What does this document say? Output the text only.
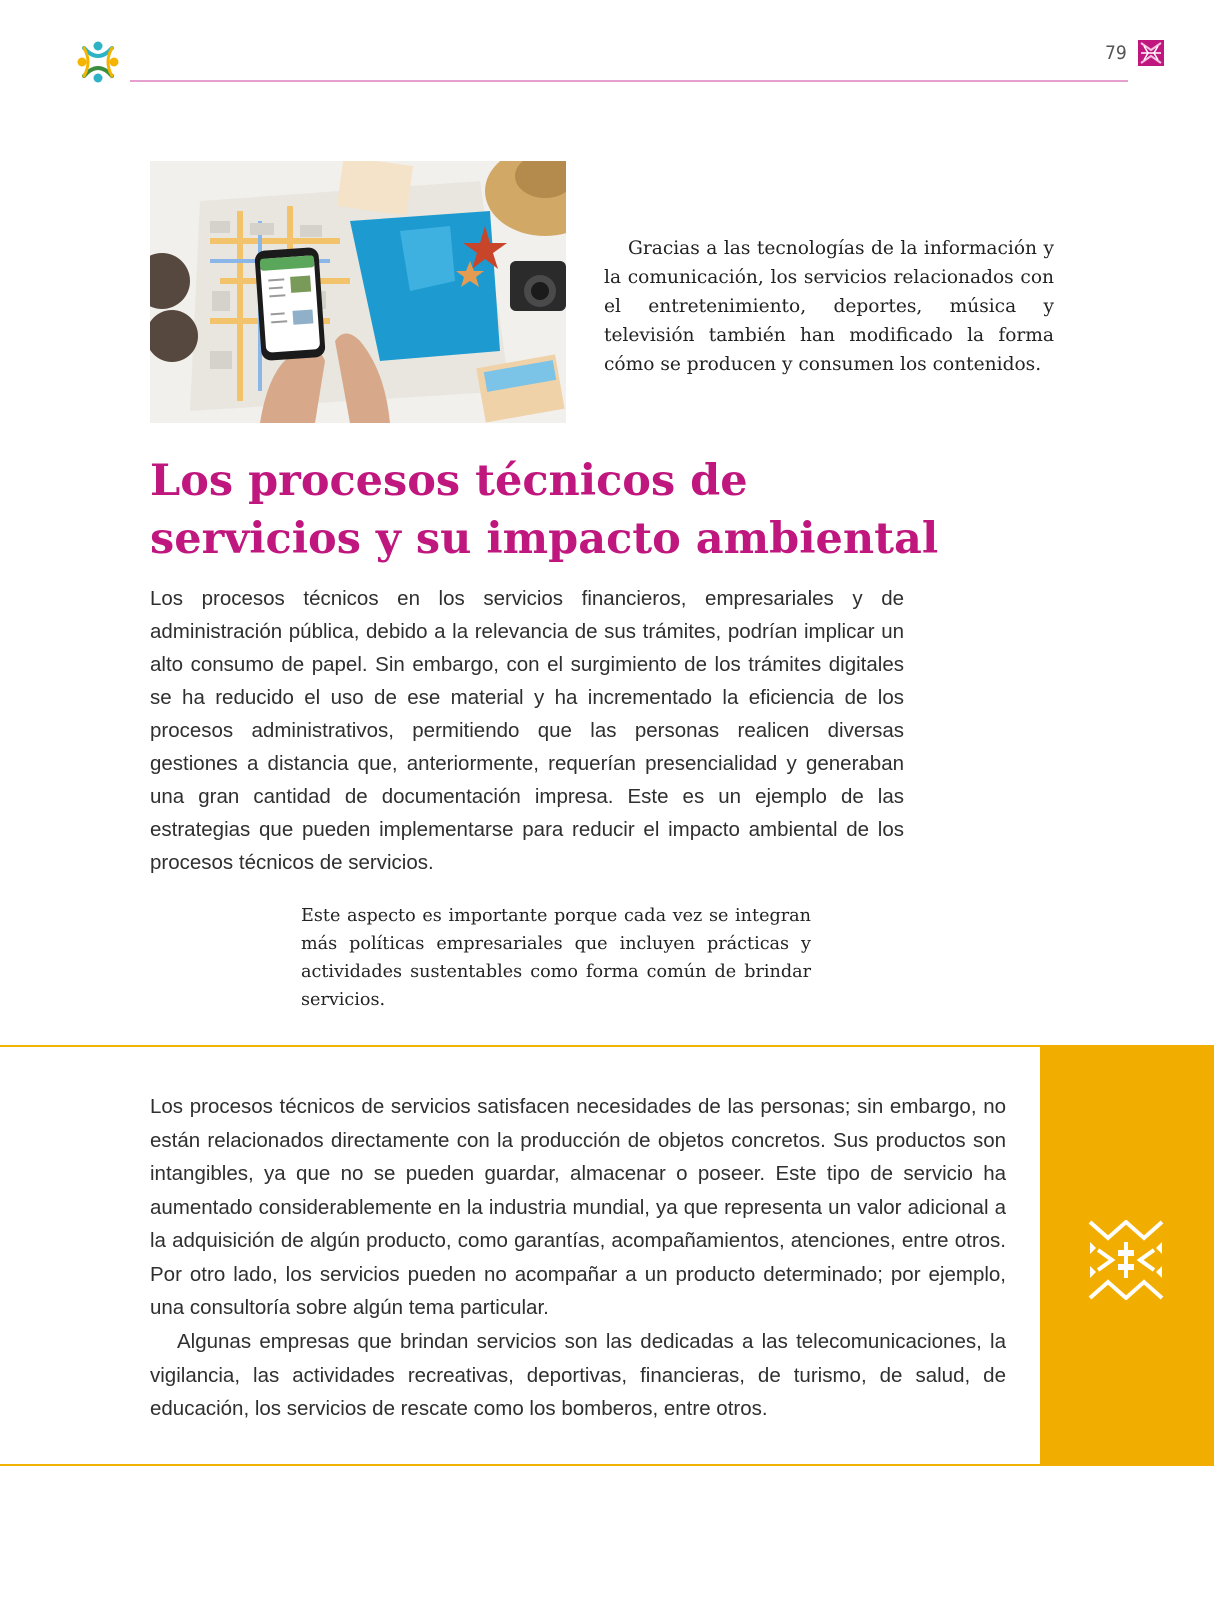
79

Gracias a las tecnologías de la información y la comunicación, los servicios relacionados con el entretenimiento, deportes, música y televisión también han modificado la forma cómo se producen y consumen los contenidos.

Los procesos técnicos de servicios y su impacto ambiental

Los procesos técnicos en los servicios financieros, empresariales y de administración pública, debido a la relevancia de sus trámites, podrían implicar un alto consumo de papel. Sin embargo, con el surgimiento de los trámites digitales se ha reducido el uso de ese material y ha incrementado la eficiencia de los procesos administrativos, permitiendo que las personas realicen diversas gestiones a distancia que, anteriormente, requerían presencialidad y generaban una gran cantidad de documentación impresa. Este es un ejemplo de las estrategias que pueden implementarse para reducir el impacto ambiental de los procesos técnicos de servicios.

Este aspecto es importante porque cada vez se integran más políticas empresariales que incluyen prácticas y actividades sustentables como forma común de brindar servicios.

Los procesos técnicos de servicios satisfacen necesidades de las personas; sin embargo, no están relacionados directamente con la producción de objetos concretos. Sus productos son intangibles, ya que no se pueden guardar, almacenar o poseer. Este tipo de servicio ha aumentado considerablemente en la industria mundial, ya que representa un valor adicional a la adquisición de algún producto, como garantías, acompañamientos, atenciones, entre otros. Por otro lado, los servicios pueden no acompañar a un producto determinado; por ejemplo, una consultoría sobre algún tema particular.

Algunas empresas que brindan servicios son las dedicadas a las telecomunicaciones, la vigilancia, las actividades recreativas, deportivas, financieras, de turismo, de salud, de educación, los servicios de rescate como los bomberos, entre otros.
